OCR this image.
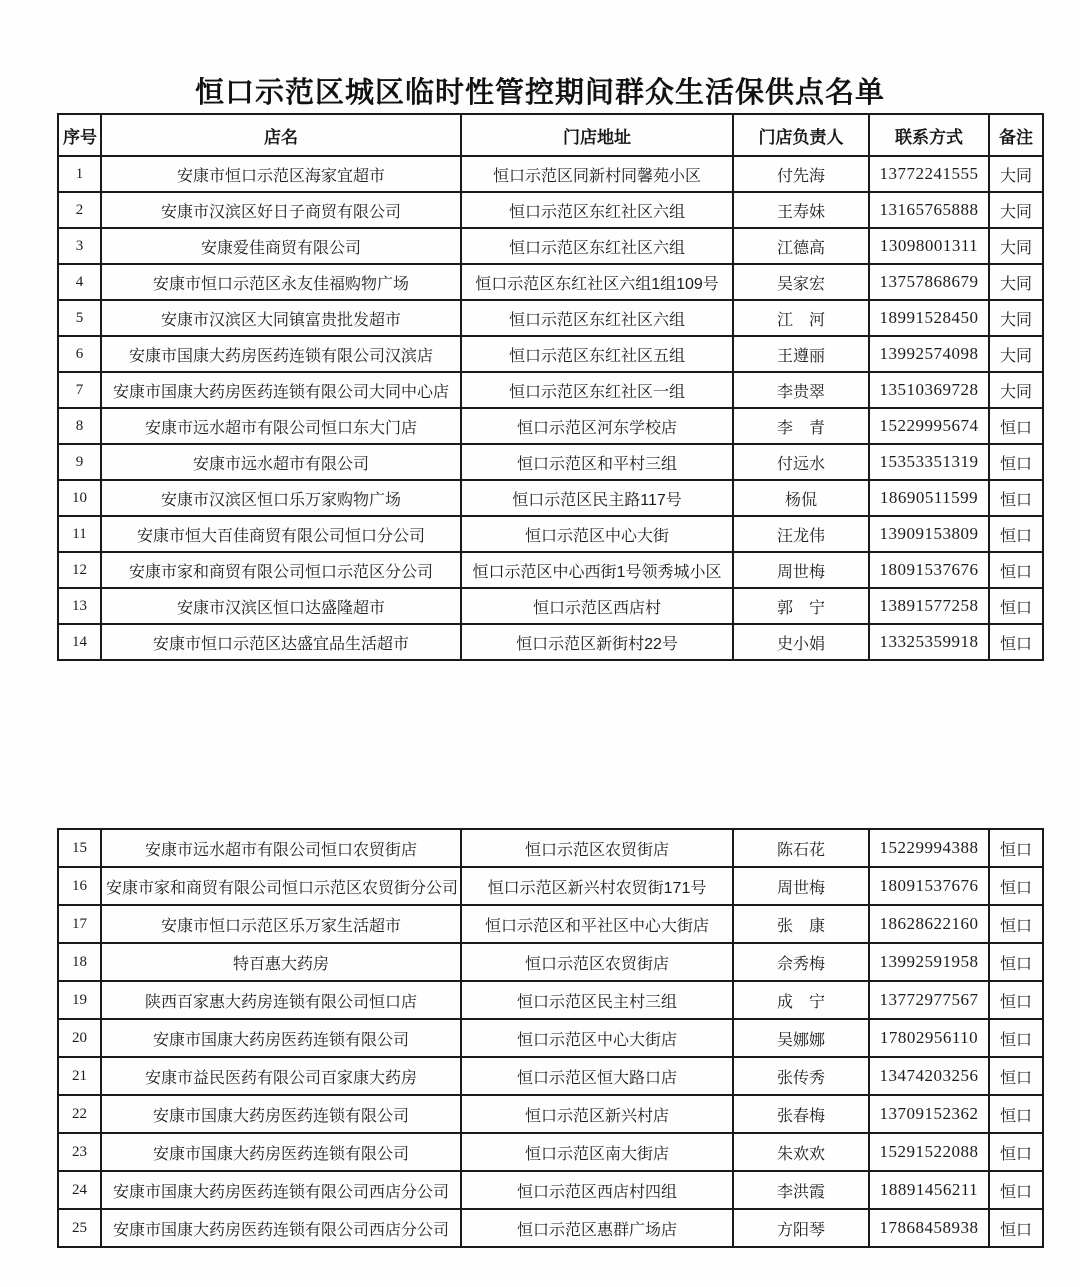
恒口示范区城区临时性管控期间群众生活保供点名单
序号	店名	门店地址	门店负责人	联系方式	备注
1	安康市恒口示范区海家宜超市	恒口示范区同新村同馨苑小区	付先海	13772241555	大同
2	安康市汉滨区好日子商贸有限公司	恒口示范区东红社区六组	王寿妹	13165765888	大同
3	安康爱佳商贸有限公司	恒口示范区东红社区六组	江德高	13098001311	大同
4	安康市恒口示范区永友佳福购物广场	恒口示范区东红社区六组1组109号	吴家宏	13757868679	大同
5	安康市汉滨区大同镇富贵批发超市	恒口示范区东红社区六组	江　河	18991528450	大同
6	安康市国康大药房医药连锁有限公司汉滨店	恒口示范区东红社区五组	王遵丽	13992574098	大同
7	安康市国康大药房医药连锁有限公司大同中心店	恒口示范区东红社区一组	李贵翠	13510369728	大同
8	安康市远水超市有限公司恒口东大门店	恒口示范区河东学校店	李　青	15229995674	恒口
9	安康市远水超市有限公司	恒口示范区和平村三组	付远水	15353351319	恒口
10	安康市汉滨区恒口乐万家购物广场	恒口示范区民主路117号	杨侃	18690511599	恒口
11	安康市恒大百佳商贸有限公司恒口分公司	恒口示范区中心大街	汪龙伟	13909153809	恒口
12	安康市家和商贸有限公司恒口示范区分公司	恒口示范区中心西街1号领秀城小区	周世梅	18091537676	恒口
13	安康市汉滨区恒口达盛隆超市	恒口示范区西店村	郭　宁	13891577258	恒口
14	安康市恒口示范区达盛宜品生活超市	恒口示范区新街村22号	史小娟	13325359918	恒口
15	安康市远水超市有限公司恒口农贸街店	恒口示范区农贸街店	陈石花	15229994388	恒口
16	安康市家和商贸有限公司恒口示范区农贸街分公司	恒口示范区新兴村农贸街171号	周世梅	18091537676	恒口
17	安康市恒口示范区乐万家生活超市	恒口示范区和平社区中心大街店	张　康	18628622160	恒口
18	特百惠大药房	恒口示范区农贸街店	佘秀梅	13992591958	恒口
19	陕西百家惠大药房连锁有限公司恒口店	恒口示范区民主村三组	成　宁	13772977567	恒口
20	安康市国康大药房医药连锁有限公司	恒口示范区中心大街店	吴娜娜	17802956110	恒口
21	安康市益民医药有限公司百家康大药房	恒口示范区恒大路口店	张传秀	13474203256	恒口
22	安康市国康大药房医药连锁有限公司	恒口示范区新兴村店	张春梅	13709152362	恒口
23	安康市国康大药房医药连锁有限公司	恒口示范区南大街店	朱欢欢	15291522088	恒口
24	安康市国康大药房医药连锁有限公司西店分公司	恒口示范区西店村四组	李洪霞	18891456211	恒口
25	安康市国康大药房医药连锁有限公司西店分公司	恒口示范区惠群广场店	方阳琴	17868458938	恒口
